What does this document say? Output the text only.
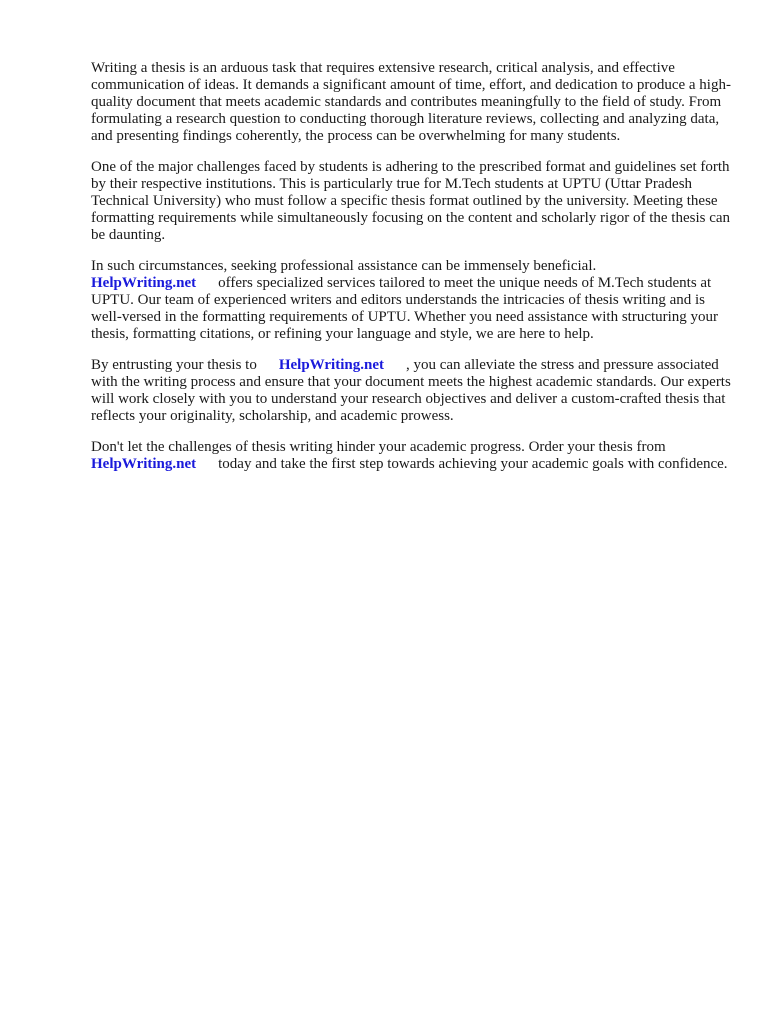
Writing a thesis is an arduous task that requires extensive research, critical analysis, and effective communication of ideas. It demands a significant amount of time, effort, and dedication to produce a high-quality document that meets academic standards and contributes meaningfully to the field of study. From formulating a research question to conducting thorough literature reviews, collecting and analyzing data, and presenting findings coherently, the process can be overwhelming for many students.

One of the major challenges faced by students is adhering to the prescribed format and guidelines set forth by their respective institutions. This is particularly true for M.Tech students at UPTU (Uttar Pradesh Technical University) who must follow a specific thesis format outlined by the university. Meeting these formatting requirements while simultaneously focusing on the content and scholarly rigor of the thesis can be daunting.

In such circumstances, seeking professional assistance can be immensely beneficial.
HelpWriting.net offers specialized services tailored to meet the unique needs of M.Tech students at UPTU. Our team of experienced writers and editors understands the intricacies of thesis writing and is well-versed in the formatting requirements of UPTU. Whether you need assistance with structuring your thesis, formatting citations, or refining your language and style, we are here to help.

By entrusting your thesis to HelpWriting.net , you can alleviate the stress and pressure associated with the writing process and ensure that your document meets the highest academic standards. Our experts will work closely with you to understand your research objectives and deliver a custom-crafted thesis that reflects your originality, scholarship, and academic prowess.

Don't let the challenges of thesis writing hinder your academic progress. Order your thesis from
HelpWriting.net today and take the first step towards achieving your academic goals with confidence.
